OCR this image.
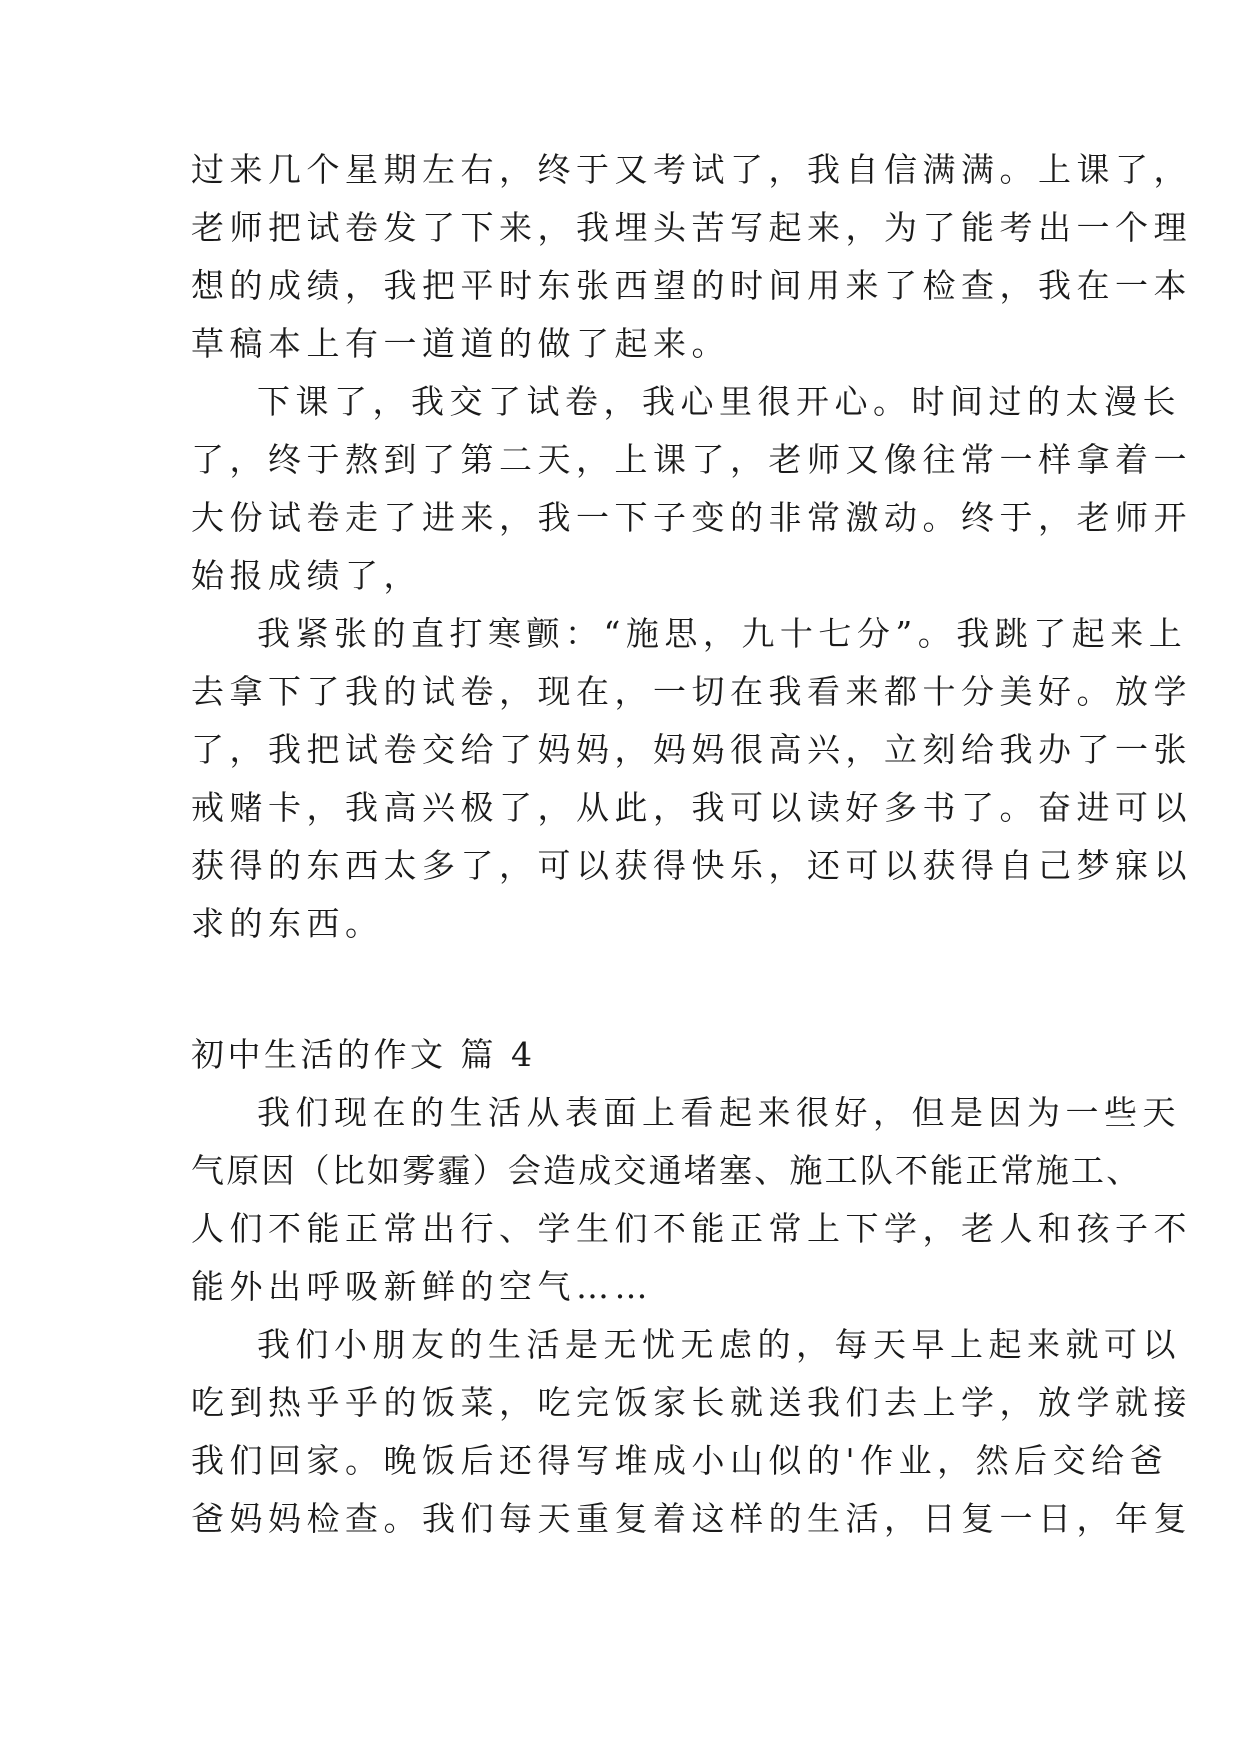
过来几个星期左右，终于又考试了，我自信满满。上课了，
老师把试卷发了下来，我埋头苦写起来，为了能考出一个理
想的成绩，我把平时东张西望的时间用来了检查，我在一本
草稿本上有一道道的做了起来。
下课了，我交了试卷，我心里很开心。时间过的太漫长
了，终于熬到了第二天，上课了，老师又像往常一样拿着一
大份试卷走了进来，我一下子变的非常激动。终于，老师开
始报成绩了，
我紧张的直打寒颤：“施思，九十七分”。我跳了起来上
去拿下了我的试卷，现在，一切在我看来都十分美好。放学
了，我把试卷交给了妈妈，妈妈很高兴，立刻给我办了一张
戒赌卡，我高兴极了，从此，我可以读好多书了。奋进可以
获得的东西太多了，可以获得快乐，还可以获得自己梦寐以
求的东西。
初中生活的作文 篇 4
我们现在的生活从表面上看起来很好，但是因为一些天
气原因（比如雾霾）会造成交通堵塞、施工队不能正常施工、
人们不能正常出行、学生们不能正常上下学，老人和孩子不
能外出呼吸新鲜的空气……
我们小朋友的生活是无忧无虑的，每天早上起来就可以
吃到热乎乎的饭菜，吃完饭家长就送我们去上学，放学就接
我们回家。晚饭后还得写堆成小山似的'作业，然后交给爸
爸妈妈检查。我们每天重复着这样的生活，日复一日，年复
